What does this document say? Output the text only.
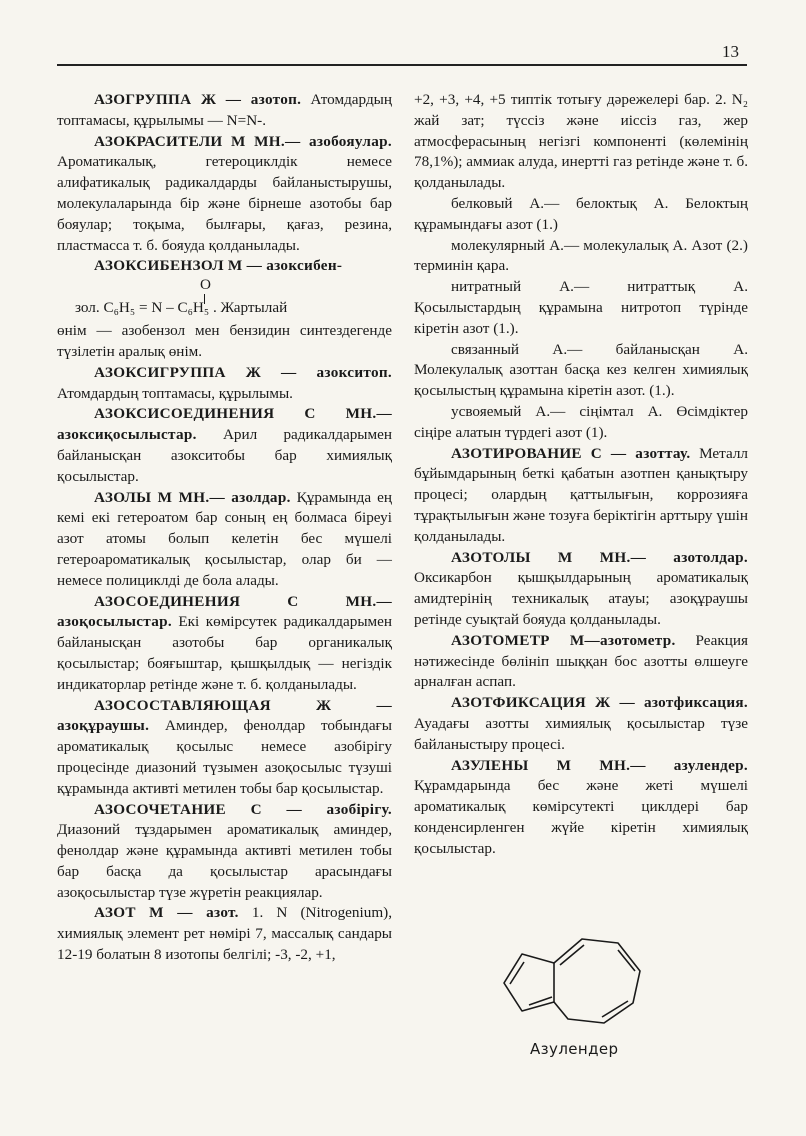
13

АЗОГРУППА Ж — азотоп. Атомдардың топтамасы, құрылымы — N=N-.

АЗОКРАСИТЕЛИ М МН.— азобояулар. Ароматикалық, гетероциклдік немесе алифатикалық радикалдарды байланыстырушы, молекулаларында бір және бірнеше азотобы бар бояулар; тоқыма, былғары, қағаз, резина, пластмасса т. б. бояуда қолданылады.

АЗОКСИБЕНЗОЛ М — азоксибен-

O
зол. C₆H₅ = N – C₆H₅ . Жартылай

өнім — азобензол мен бензидин синтездегенде түзілетін аралық өнім.

АЗОКСИГРУППА Ж — азокситоп. Атомдардың топтамасы, құрылымы.

АЗОКСИСОЕДИНЕНИЯ С МН.— азоксиқосылыстар. Арил радикалдарымен байланысқан азокситобы бар химиялық қосылыстар.

АЗОЛЫ М МН.— азолдар. Құрамында ең кемі екі гетероатом бар соның ең болмаса біреуі азот атомы болып келетін бес мүшелі гетероароматикалық қосылыстар, олар би — немесе полициклді де бола алады.

АЗОСОЕДИНЕНИЯ С МН.— азоқосылыстар. Екі көмірсутек радикалдарымен байланысқан азотобы бар органикалық қосылыстар; бояғыштар, қышқылдық — негіздік индикаторлар ретінде және т. б. қолданылады.

АЗОСОСТАВЛЯЮЩАЯ Ж — азоқұраушы. Аминдер, фенолдар тобындағы ароматикалық қосылыс немесе азобірігу процесінде диазоний түзымен азоқосылыс түзуші құрамында активті метилен тобы бар қосылыстар.

АЗОСОЧЕТАНИЕ С — азобірігу. Диазоний тұздарымен ароматикалық аминдер, фенолдар және құрамында активті метилен тобы бар басқа да қосылыстар арасындағы азоқосылыстар түзе жүретін реакциялар.

АЗОТ М — азот. 1. N (Nitrogenium), химиялық элемент рет нөмірі 7, массалық сандары 12-19 болатын 8 изотопы белгілі; -3, -2, +1,

+2, +3, +4, +5 типтік тотығу дәрежелері бар. 2. N₂ жай зат; түссіз және иіссіз газ, жер атмосферасының негізгі компоненті (көлемінің 78,1%); аммиак алуда, инертті газ ретінде және т. б. қолданылады.

белковый А.— белоктық А. Белоктың құрамындағы азот (1.)

молекулярный А.— молекулалық А. Азот (2.) терминін қара.

нитратный А.— нитраттық А. Қосылыстардың құрамына нитротоп түрінде кіретін азот (1.).

связанный А.— байланысқан А. Молекулалық азоттан басқа кез келген химиялық қосылыстың құрамына кіретін азот. (1.).

усвояемый А.— сіңімтал А. Өсімдіктер сіңіре алатын түрдегі азот (1).

АЗОТИРОВАНИЕ С — азоттау. Металл бұйымдарының беткі қабатын азотпен қанықтыру процесі; олардың қаттылығын, коррозияға тұрақтылығын және тозуға беріктігін арттыру үшін қолданылады.

АЗОТОЛЫ М МН.— азотолдар. Оксикарбон қышқылдарының ароматикалық амидтерінің техникалық атауы; азоқұраушы ретінде суықтай бояуда қолданылады.

АЗОТОМЕТР М—азотометр. Реакция нәтижесінде бөлініп шыққан бос азотты өлшеуге арналған аспап.

АЗОТФИКСАЦИЯ Ж — азотфиксация. Ауадағы азотты химиялық қосылыстар түзе байланыстыру процесі.

АЗУЛЕНЫ М МН.— азулендер. Құрамдарында бес және жеті мүшелі ароматикалық көмірсутекті циклдері бар конденсирленген жүйе кіретін химиялық қосылыстар.

Азулендер
